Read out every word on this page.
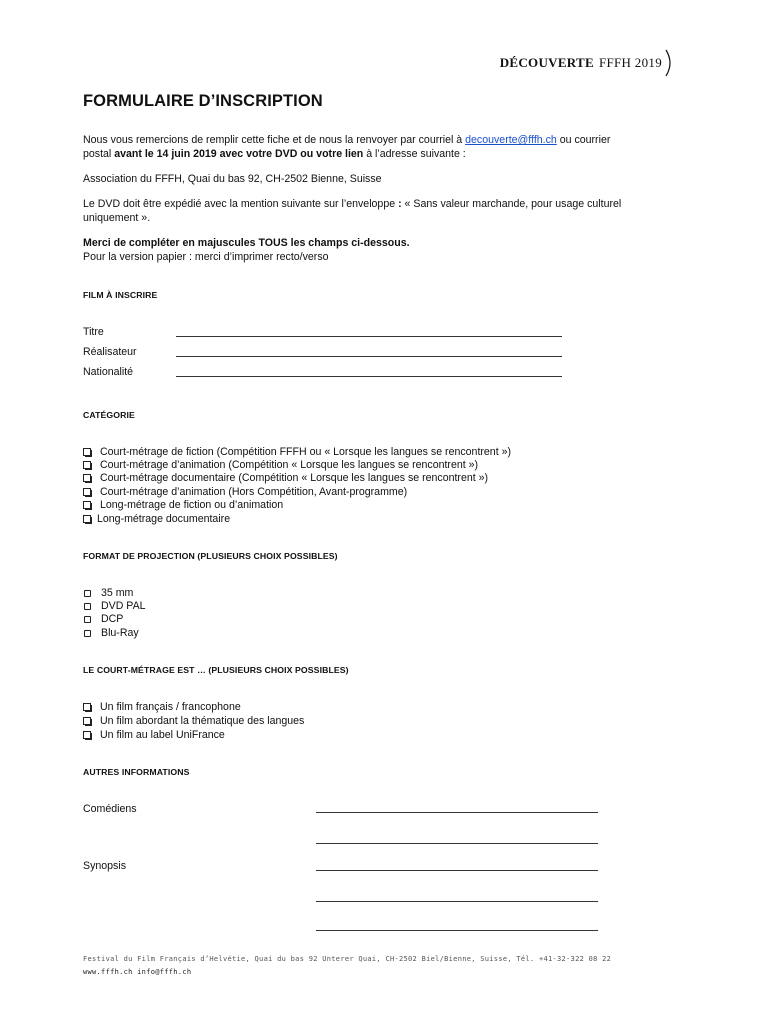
DÉCOUVERTE FFFH 2019
FORMULAIRE D’INSCRIPTION
Nous vous remercions de remplir cette fiche et de nous la renvoyer par courriel à decouverte@fffh.ch ou courrier
postal avant le 14 juin 2019 avec votre DVD ou votre lien à l’adresse suivante :
Association du FFFH, Quai du bas 92, CH-2502 Bienne, Suisse
Le DVD doit être expédié avec la mention suivante sur l’enveloppe : « Sans valeur marchande, pour usage culturel
uniquement ».
Merci de compléter en majuscules TOUS les champs ci-dessous.
Pour la version papier : merci d’imprimer recto/verso
FILM À INSCRIRE
Titre
Réalisateur
Nationalité
CATÉGORIE
Court-métrage de fiction (Compétition FFFH ou « Lorsque les langues se rencontrent »)
Court-métrage d’animation (Compétition « Lorsque les langues se rencontrent »)
Court-métrage documentaire (Compétition « Lorsque les langues se rencontrent »)
Court-métrage d’animation (Hors Compétition, Avant-programme)
Long-métrage de fiction ou d’animation
Long-métrage documentaire
FORMAT DE PROJECTION (PLUSIEURS CHOIX POSSIBLES)
35 mm
DVD PAL
DCP
Blu-Ray
LE COURT-MÉTRAGE EST … (PLUSIEURS CHOIX POSSIBLES)
Un film français / francophone
Un film abordant la thématique des langues
Un film au label UniFrance
AUTRES INFORMATIONS
Comédiens
Synopsis
Festival du Film Français d’Helvétie, Quai du bas 92 Unterer Quai, CH-2502 Biel/Bienne, Suisse, Tél. +41-32-322 08 22
www.fffh.ch info@fffh.ch
